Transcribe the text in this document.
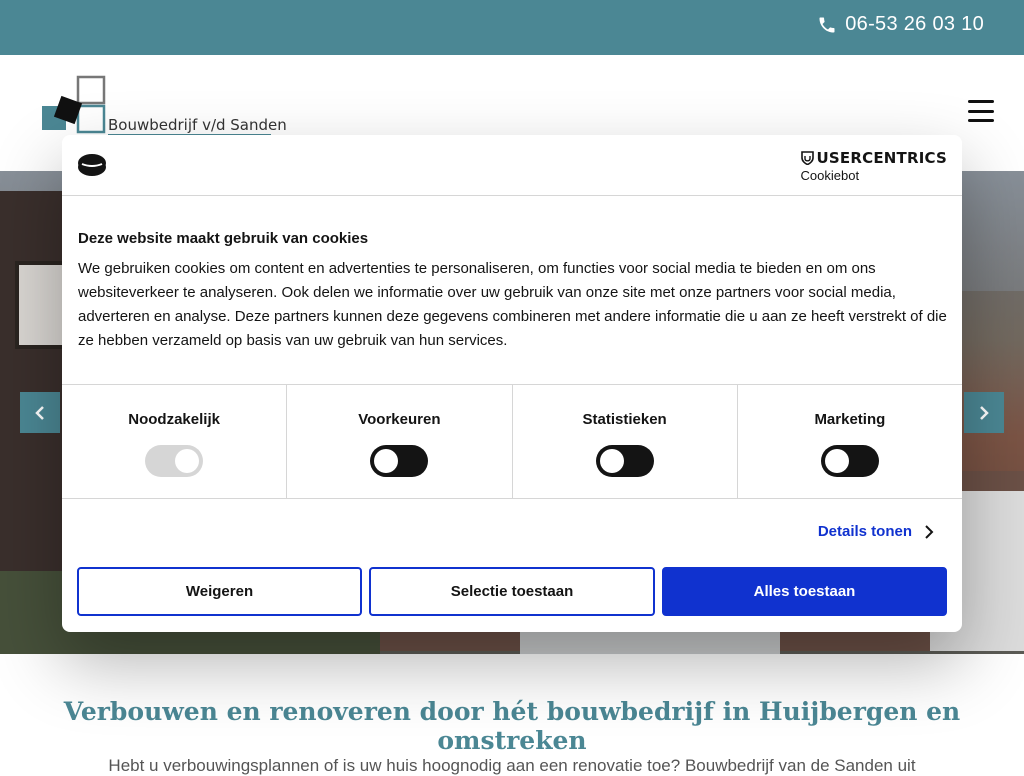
06-53 26 03 10
Bouwbedrijf v/d Sanden
Verbouwen en renoveren door hét bouwbedrijf in Huijbergen en omstreken

Hebt u verbouwingsplannen of is uw huis hoognodig aan een renovatie toe? Bouwbedrijf van de Sanden uit

USERCENTRICS
Cookiebot
Deze website maakt gebruik van cookies
We gebruiken cookies om content en advertenties te personaliseren, om functies voor social media te bieden en om ons websiteverkeer te analyseren. Ook delen we informatie over uw gebruik van onze site met onze partners voor social media, adverteren en analyse. Deze partners kunnen deze gegevens combineren met andere informatie die u aan ze heeft verstrekt of die ze hebben verzameld op basis van uw gebruik van hun services.
Noodzakelijk	Voorkeuren	Statistieken	Marketing
Details tonen
Weigeren	Selectie toestaan	Alles toestaan
